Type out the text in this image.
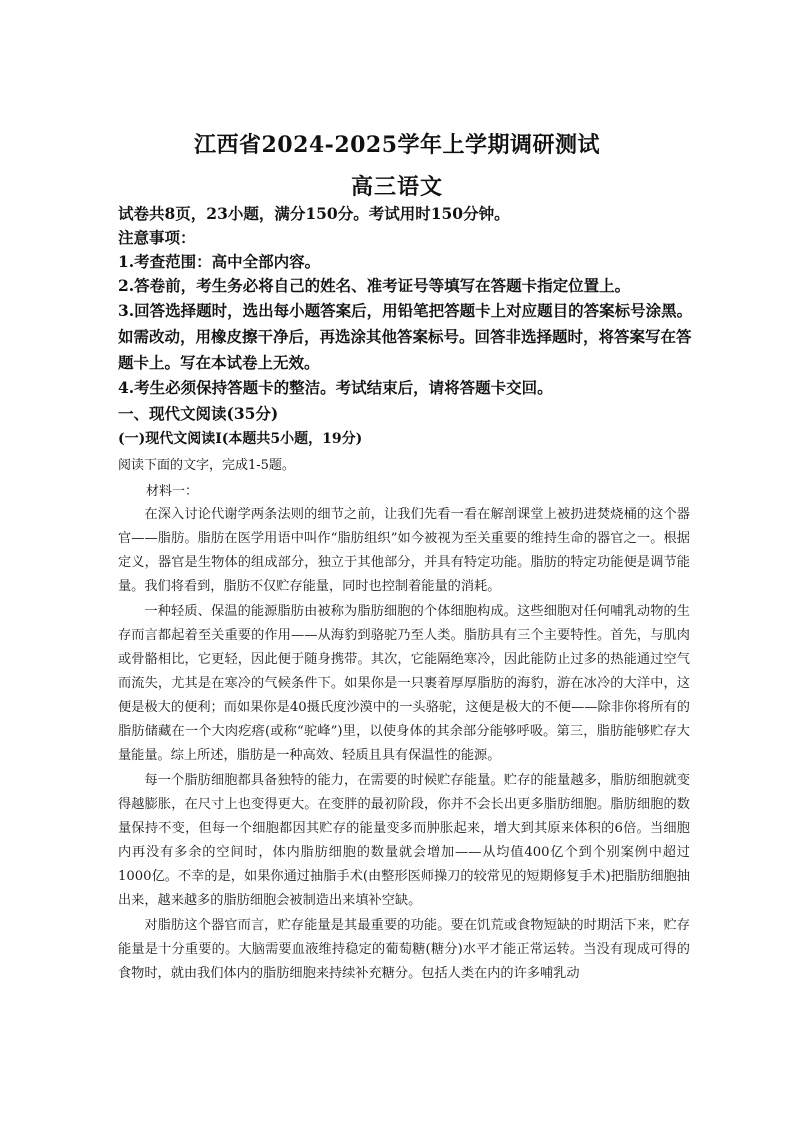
江西省2024-2025学年上学期调研测试
高三语文

试卷共8页，23小题，满分150分。考试用时150分钟。

注意事项：

1.考查范围：高中全部内容。

2.答卷前，考生务必将自己的姓名、准考证号等填写在答题卡指定位置上。

3.回答选择题时，选出每小题答案后，用铅笔把答题卡上对应题目的答案标号涂黑。如需改动，用橡皮擦干净后，再选涂其他答案标号。回答非选择题时，将答案写在答题卡上。写在本试卷上无效。

4.考生必须保持答题卡的整洁。考试结束后，请将答题卡交回。

一、现代文阅读(35分)

(一)现代文阅读Ⅰ(本题共5小题，19分)

阅读下面的文字，完成1-5题。

材料一：

在深入讨论代谢学两条法则的细节之前，让我们先看一看在解剖课堂上被扔进焚烧桶的这个器官——脂肪。脂肪在医学用语中叫作“脂肪组织”如今被视为至关重要的维持生命的器官之一。根据定义，器官是生物体的组成部分，独立于其他部分，并具有特定功能。脂肪的特定功能便是调节能量。我们将看到，脂肪不仅贮存能量，同时也控制着能量的消耗。

一种轻质、保温的能源脂肪由被称为脂肪细胞的个体细胞构成。这些细胞对任何哺乳动物的生存而言都起着至关重要的作用——从海豹到骆驼乃至人类。脂肪具有三个主要特性。首先，与肌肉或骨骼相比，它更轻，因此便于随身携带。其次，它能隔绝寒冷，因此能防止过多的热能通过空气而流失，尤其是在寒冷的气候条件下。如果你是一只裹着厚厚脂肪的海豹，游在冰冷的大洋中，这便是极大的便利；而如果你是40摄氏度沙漠中的一头骆驼，这便是极大的不便——除非你将所有的脂肪储藏在一个大肉疙瘩(或称“驼峰”)里，以使身体的其余部分能够呼吸。第三，脂肪能够贮存大量能量。综上所述，脂肪是一种高效、轻质且具有保温性的能源。

每一个脂肪细胞都具备独特的能力，在需要的时候贮存能量。贮存的能量越多，脂肪细胞就变得越膨胀，在尺寸上也变得更大。在变胖的最初阶段，你并不会长出更多脂肪细胞。脂肪细胞的数量保持不变，但每一个细胞都因其贮存的能量变多而肿胀起来，增大到其原来体积的6倍。当细胞内再没有多余的空间时，体内脂肪细胞的数量就会增加——从均值400亿个到个别案例中超过1000亿。不幸的是，如果你通过抽脂手术(由整形医师操刀的较常见的短期修复手术)把脂肪细胞抽出来，越来越多的脂肪细胞会被制造出来填补空缺。

对脂肪这个器官而言，贮存能量是其最重要的功能。要在饥荒或食物短缺的时期活下来，贮存能量是十分重要的。大脑需要血液维持稳定的葡萄糖(糖分)水平才能正常运转。当没有现成可得的食物时，就由我们体内的脂肪细胞来持续补充糖分。包括人类在内的许多哺乳动
